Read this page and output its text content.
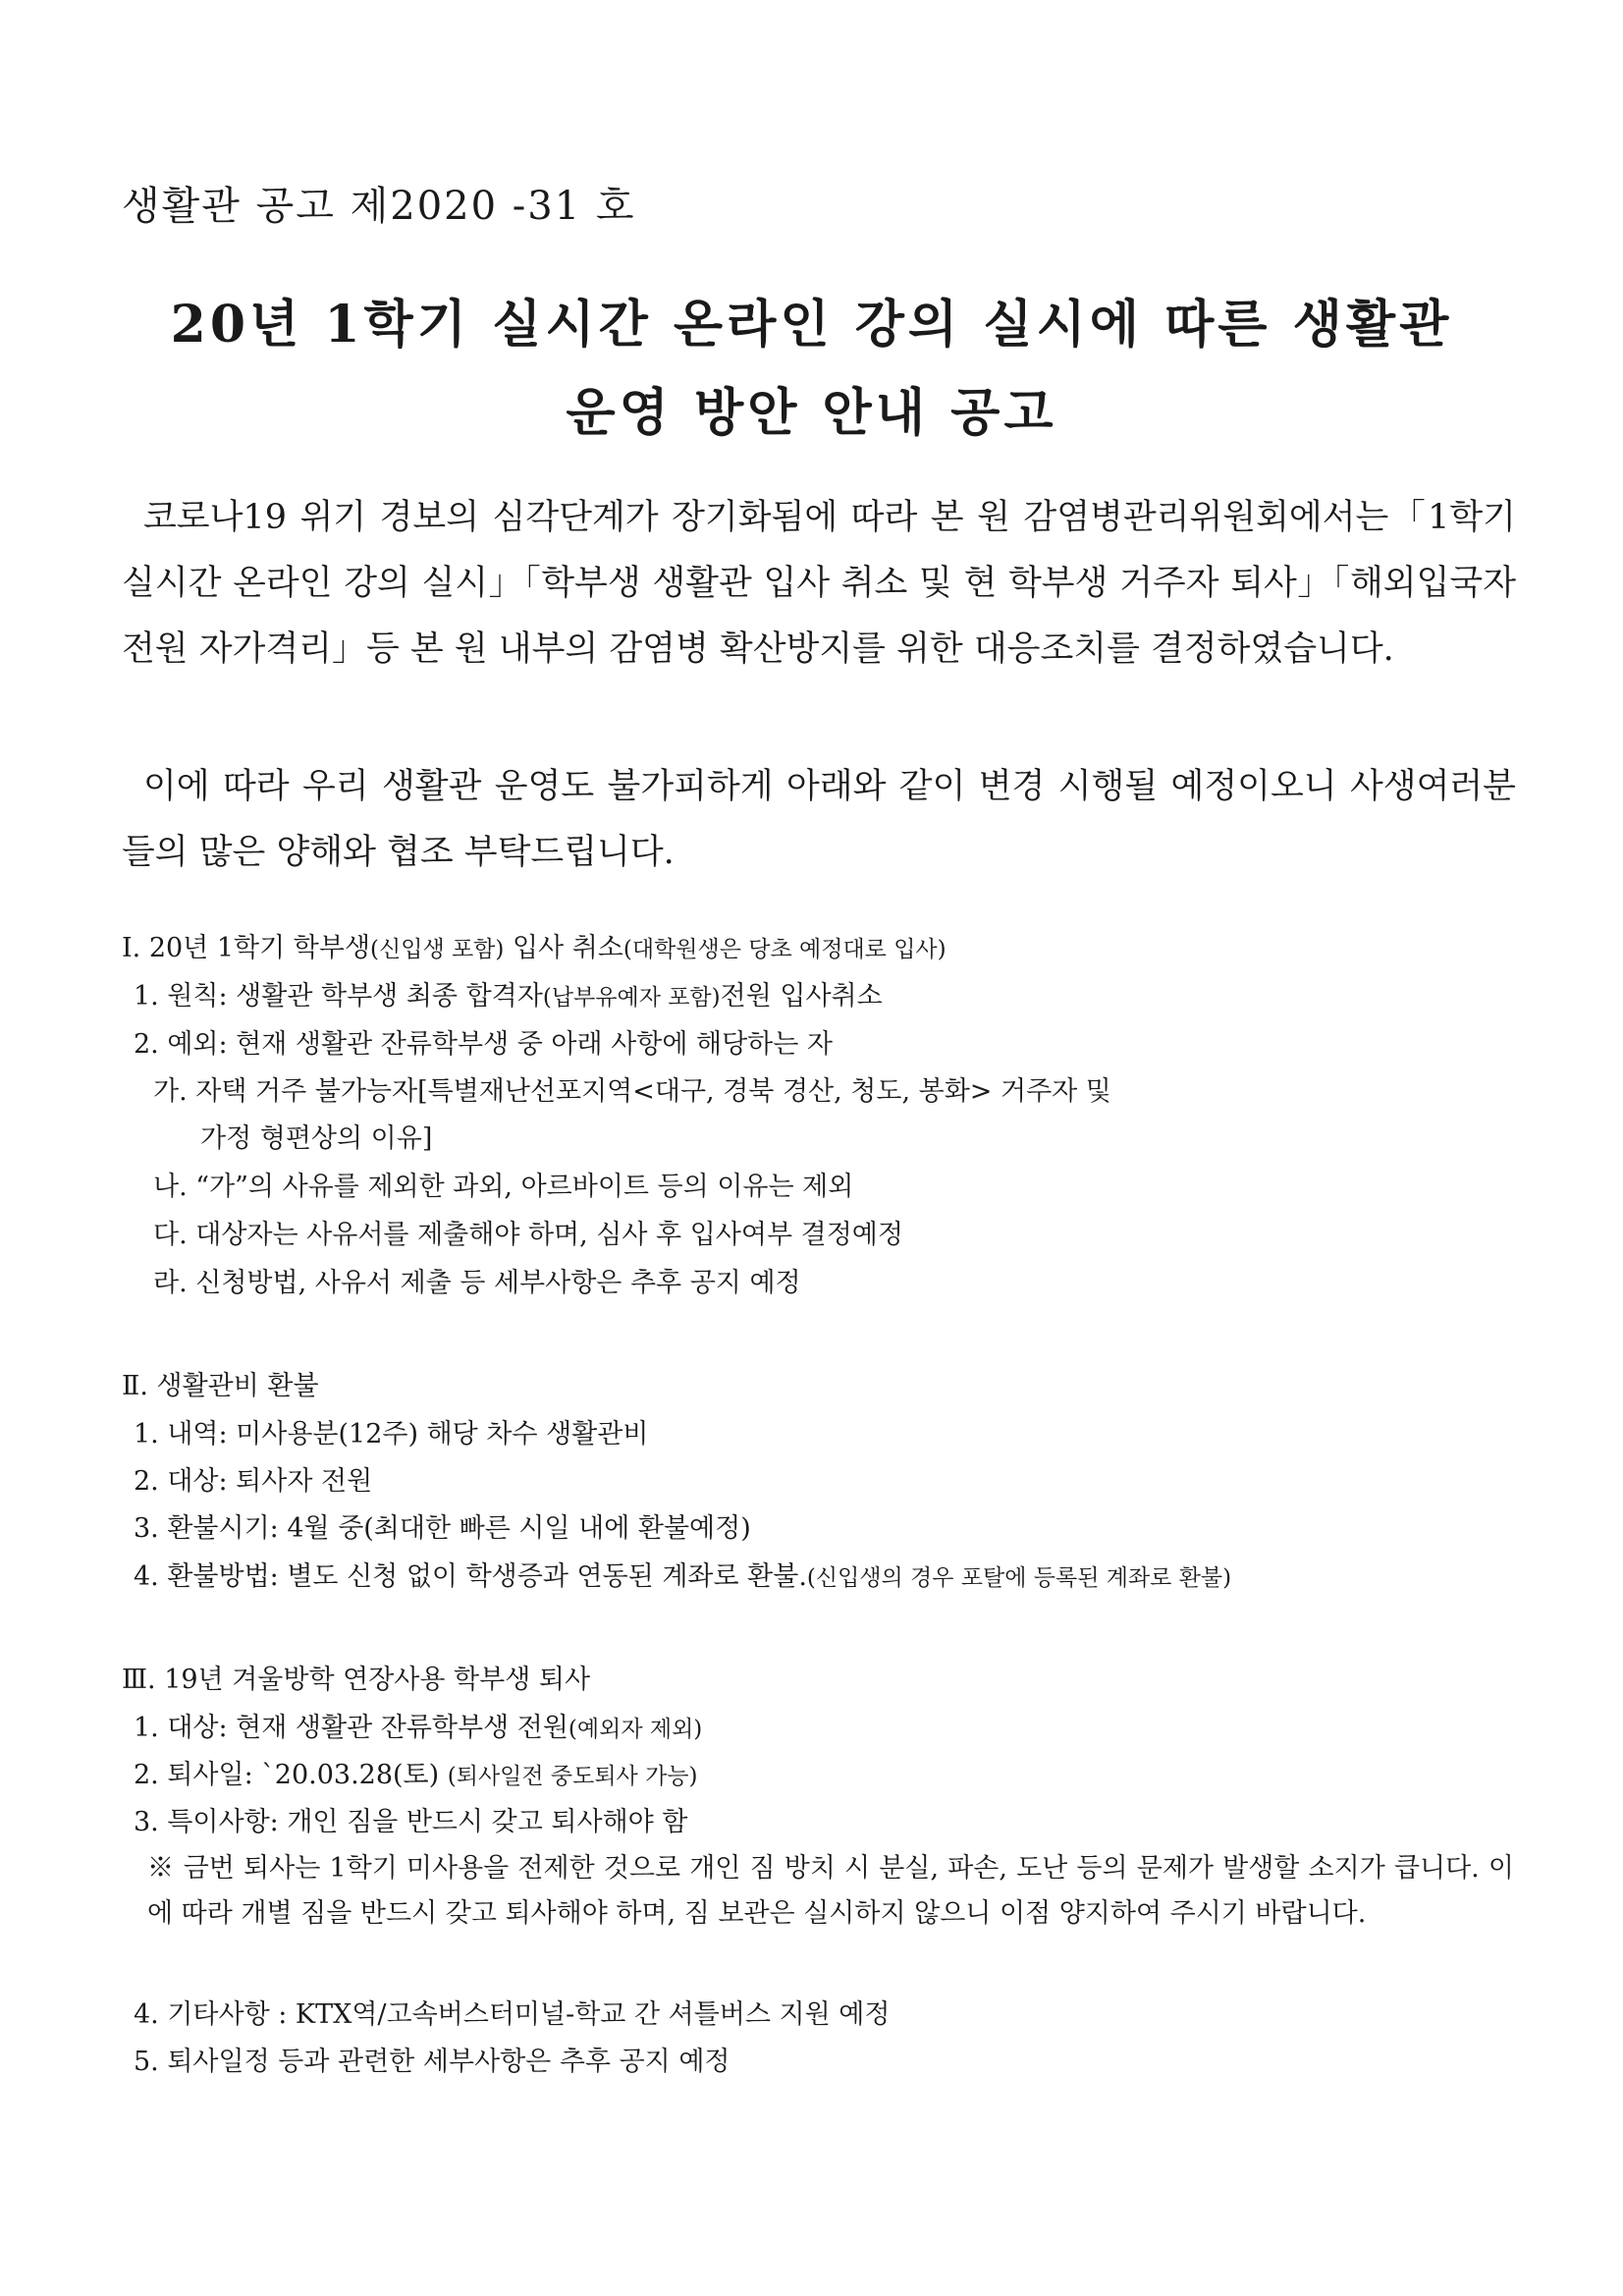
생활관 공고 제2020 -31 호
20년 1학기 실시간 온라인 강의 실시에 따른 생활관
운영 방안 안내 공고

코로나19 위기 경보의 심각단계가 장기화됨에 따라 본 원 감염병관리위원회에서는「1학기 실시간 온라인 강의 실시」「학부생 생활관 입사 취소 및 현 학부생 거주자 퇴사」「해외입국자 전원 자가격리」등 본 원 내부의 감염병 확산방지를 위한 대응조치를 결정하였습니다.

이에 따라 우리 생활관 운영도 불가피하게 아래와 같이 변경 시행될 예정이오니 사생여러분들의 많은 양해와 협조 부탁드립니다.

Ⅰ. 20년 1학기 학부생(신입생 포함) 입사 취소(대학원생은 당초 예정대로 입사)
1. 원칙: 생활관 학부생 최종 합격자(납부유예자 포함)전원 입사취소
2. 예외: 현재 생활관 잔류학부생 중 아래 사항에 해당하는 자
가. 자택 거주 불가능자[특별재난선포지역<대구, 경북 경산, 청도, 봉화> 거주자 및
가정 형편상의 이유]
나. “가”의 사유를 제외한 과외, 아르바이트 등의 이유는 제외
다. 대상자는 사유서를 제출해야 하며, 심사 후 입사여부 결정예정
라. 신청방법, 사유서 제출 등 세부사항은 추후 공지 예정
Ⅱ. 생활관비 환불
1. 내역: 미사용분(12주) 해당 차수 생활관비
2. 대상: 퇴사자 전원
3. 환불시기: 4월 중(최대한 빠른 시일 내에 환불예정)
4. 환불방법: 별도 신청 없이 학생증과 연동된 계좌로 환불.(신입생의 경우 포탈에 등록된 계좌로 환불)
Ⅲ. 19년 겨울방학 연장사용 학부생 퇴사
1. 대상: 현재 생활관 잔류학부생 전원(예외자 제외)
2. 퇴사일: `20.03.28(토) (퇴사일전 중도퇴사 가능)
3. 특이사항: 개인 짐을 반드시 갖고 퇴사해야 함
※ 금번 퇴사는 1학기 미사용을 전제한 것으로 개인 짐 방치 시 분실, 파손, 도난 등의 문제가 발생할 소지가 큽니다. 이에 따라 개별 짐을 반드시 갖고 퇴사해야 하며, 짐 보관은 실시하지 않으니 이점 양지하여 주시기 바랍니다.
4. 기타사항 : KTX역/고속버스터미널-학교 간 셔틀버스 지원 예정
5. 퇴사일정 등과 관련한 세부사항은 추후 공지 예정
